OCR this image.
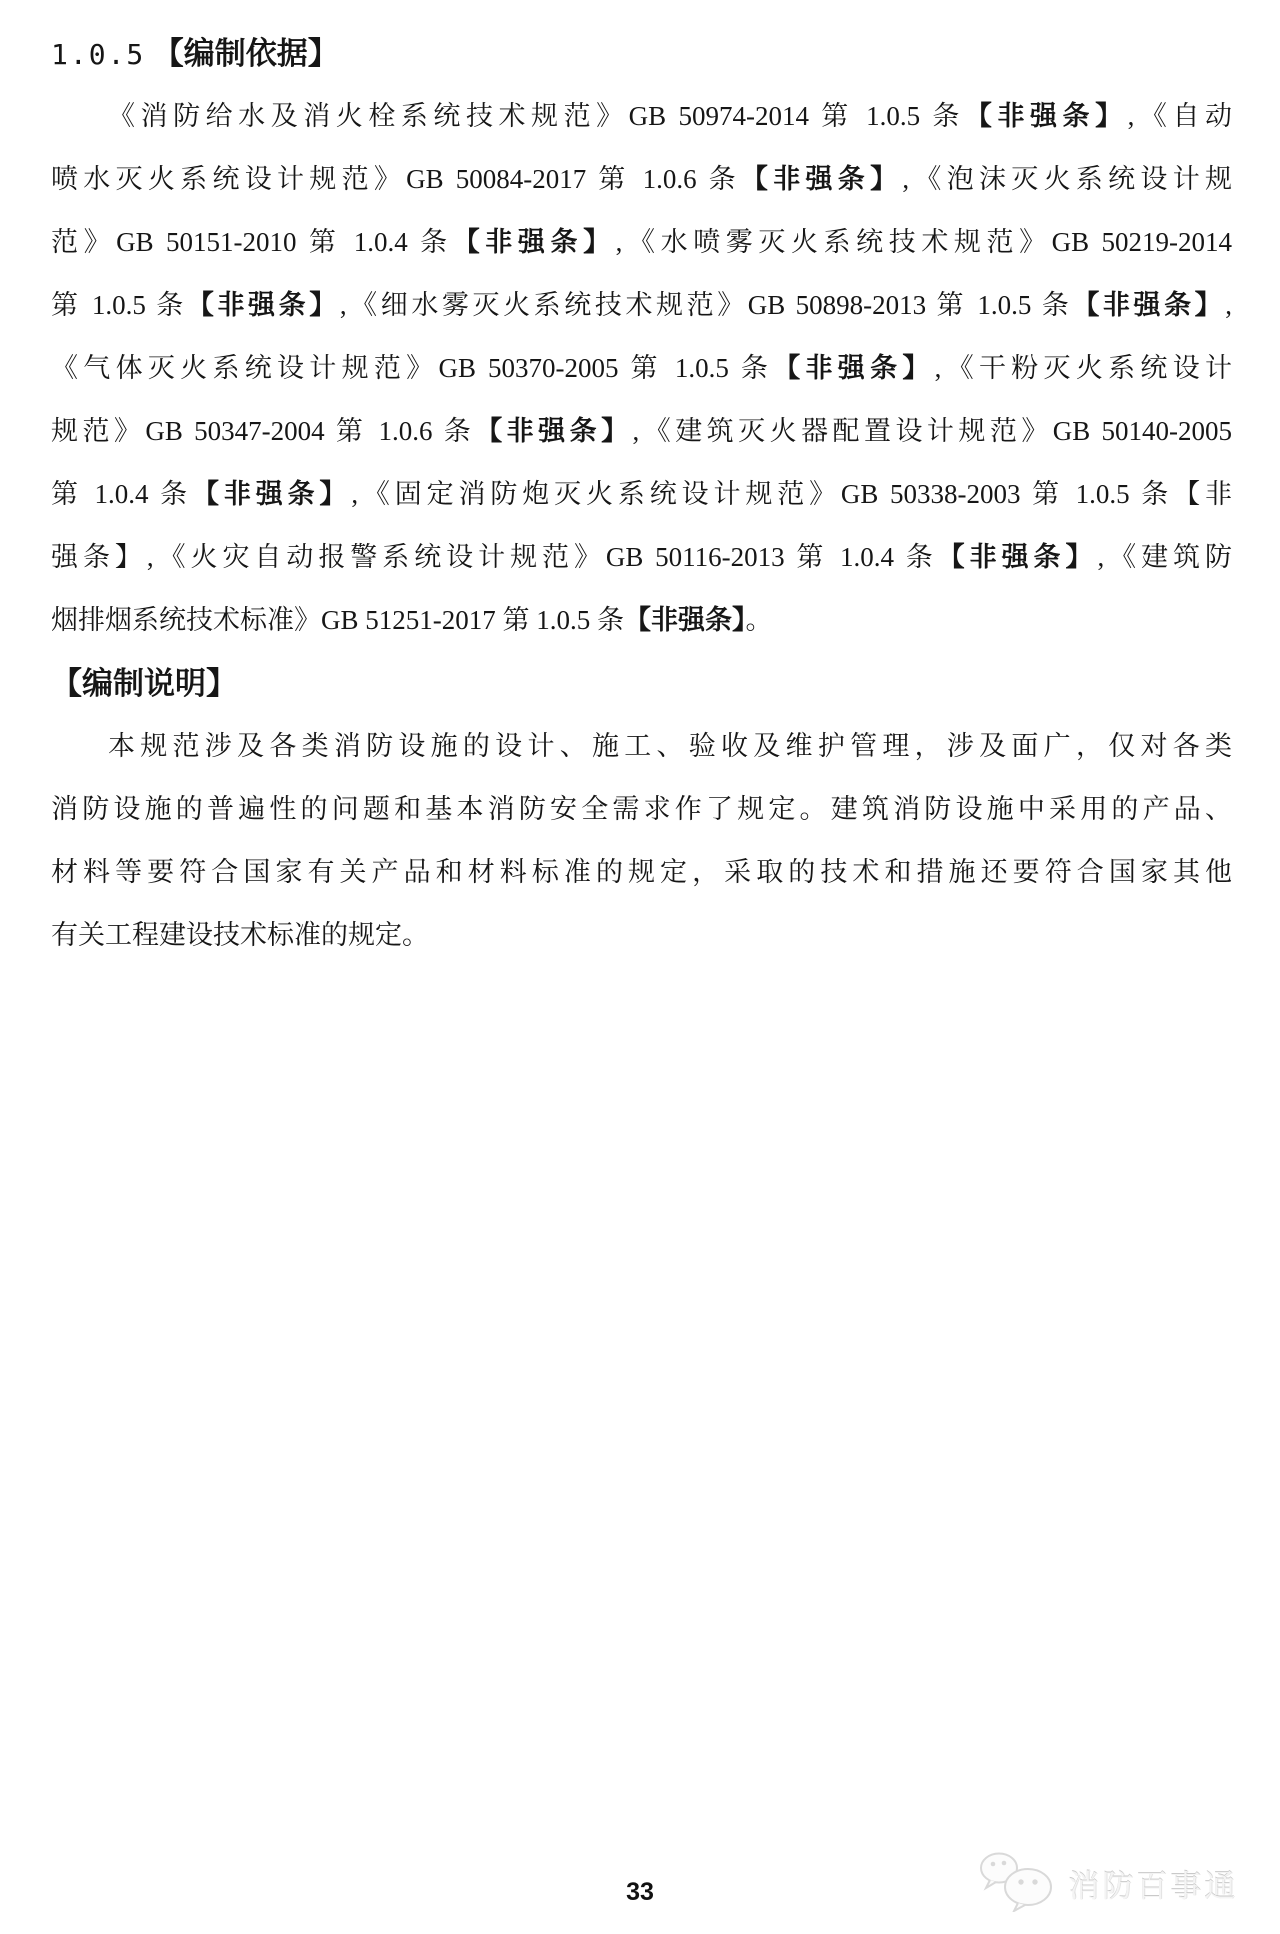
1.0.5 【编制依据】
《消防给水及消火栓系统技术规范》GB 50974-2014 第 1.0.5 条【非强条】,《自动
喷水灭火系统设计规范》GB 50084-2017 第 1.0.6 条【非强条】,《泡沫灭火系统设计规
范》GB 50151-2010 第 1.0.4 条【非强条】,《水喷雾灭火系统技术规范》GB 50219-2014
第 1.0.5 条【非强条】,《细水雾灭火系统技术规范》GB 50898-2013 第 1.0.5 条【非强条】,
《气体灭火系统设计规范》GB 50370-2005 第 1.0.5 条【非强条】,《干粉灭火系统设计
规范》GB 50347-2004 第 1.0.6 条【非强条】,《建筑灭火器配置设计规范》GB 50140-2005
第 1.0.4 条【非强条】,《固定消防炮灭火系统设计规范》GB 50338-2003 第 1.0.5 条【非
强条】,《火灾自动报警系统设计规范》GB 50116-2013 第 1.0.4 条【非强条】,《建筑防
烟排烟系统技术标准》GB 51251-2017 第 1.0.5 条【非强条】。
【编制说明】
本规范涉及各类消防设施的设计、施工、验收及维护管理，涉及面广，仅对各类
消防设施的普遍性的问题和基本消防安全需求作了规定。建筑消防设施中采用的产品、
材料等要符合国家有关产品和材料标准的规定，采取的技术和措施还要符合国家其他
有关工程建设技术标准的规定。
33	消防百事通
